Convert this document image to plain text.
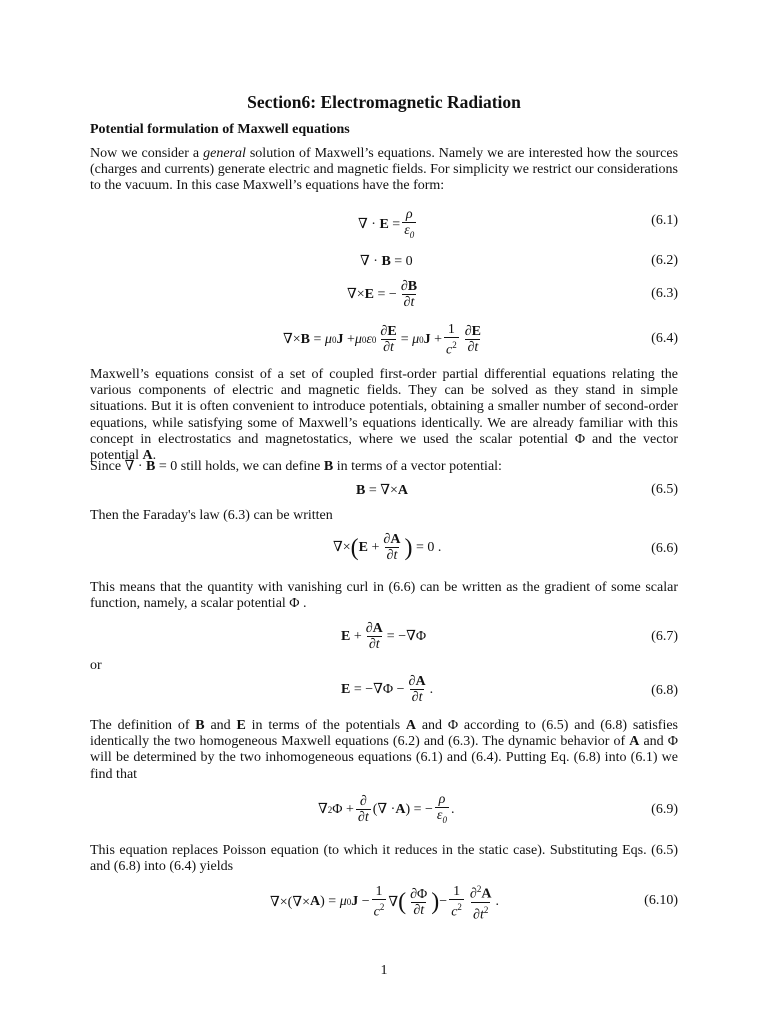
Section6: Electromagnetic Radiation
Potential formulation of Maxwell equations
Now we consider a general solution of Maxwell’s equations. Namely we are interested how the sources (charges and currents) generate electric and magnetic fields. For simplicity we restrict our considerations to the vacuum. In this case Maxwell’s equations have the form:
∇ · $E = \frac{\rho}{\varepsilon_0}$	(6.1)
∇ · B = 0	(6.2)
∇× E = − $\frac{\partial B}{\partial t}$	(6.3)
∇× B = μ 0 J + μ 0 ε $0 \frac{\partial E}{\partial t} = \mu$ 0 $J + \frac{1}{c^2} \frac{\partial E}{\partial t}$	(6.4)
Maxwell’s equations consist of a set of coupled first-order partial differential equations relating the various components of electric and magnetic fields. They can be solved as they stand in simple situations. But it is often convenient to introduce potentials, obtaining a smaller number of second-order equations, while satisfying some of Maxwell’s equations identically. We are already familiar with this concept in electrostatics and magnetostatics, where we used the scalar potential Φ and the vector potential A.
Since ∇ · B = 0 still holds, we can define B in terms of a vector potential:
B = ∇× A	(6.5)
Then the Faraday's law (6.3) can be written
∇× ( $E + \frac{\partial A}{\partial t}$ ) = 0 .	(6.6)
This means that the quantity with vanishing curl in (6.6) can be written as the gradient of some scalar function, namely, a scalar potential Φ .
$E + \frac{\partial A}{\partial t} = -\nabla\Phi$	(6.7)
or
$E = -\nabla\Phi - \frac{\partial A}{\partial t}$ .	(6.8)
The definition of B and E in terms of the potentials A and Φ according to (6.5) and (6.8) satisfies identically the two homogeneous Maxwell equations (6.2) and (6.3). The dynamic behavior of A and Φ will be determined by the two inhomogeneous equations (6.1) and (6.4). Putting Eq. (6.8) into (6.1) we find that
∇ 2 $\Phi + \frac{\partial}{\partial t}$ (∇ · A ) = − $\frac{\rho}{\varepsilon_0}$ .	(6.9)
This equation replaces Poisson equation (to which it reduces in the static case). Substituting Eqs. (6.5) and (6.8) into (6.4) yields
∇×(∇× A ) = μ 0 $J - \frac{1}{c^2}$ ∇ ( $\frac{\partial\Phi}{\partial t}$ ) − $\frac{1}{c^2} \frac{\partial^2A}{\partial t^2}$ .	(6.10)
1
